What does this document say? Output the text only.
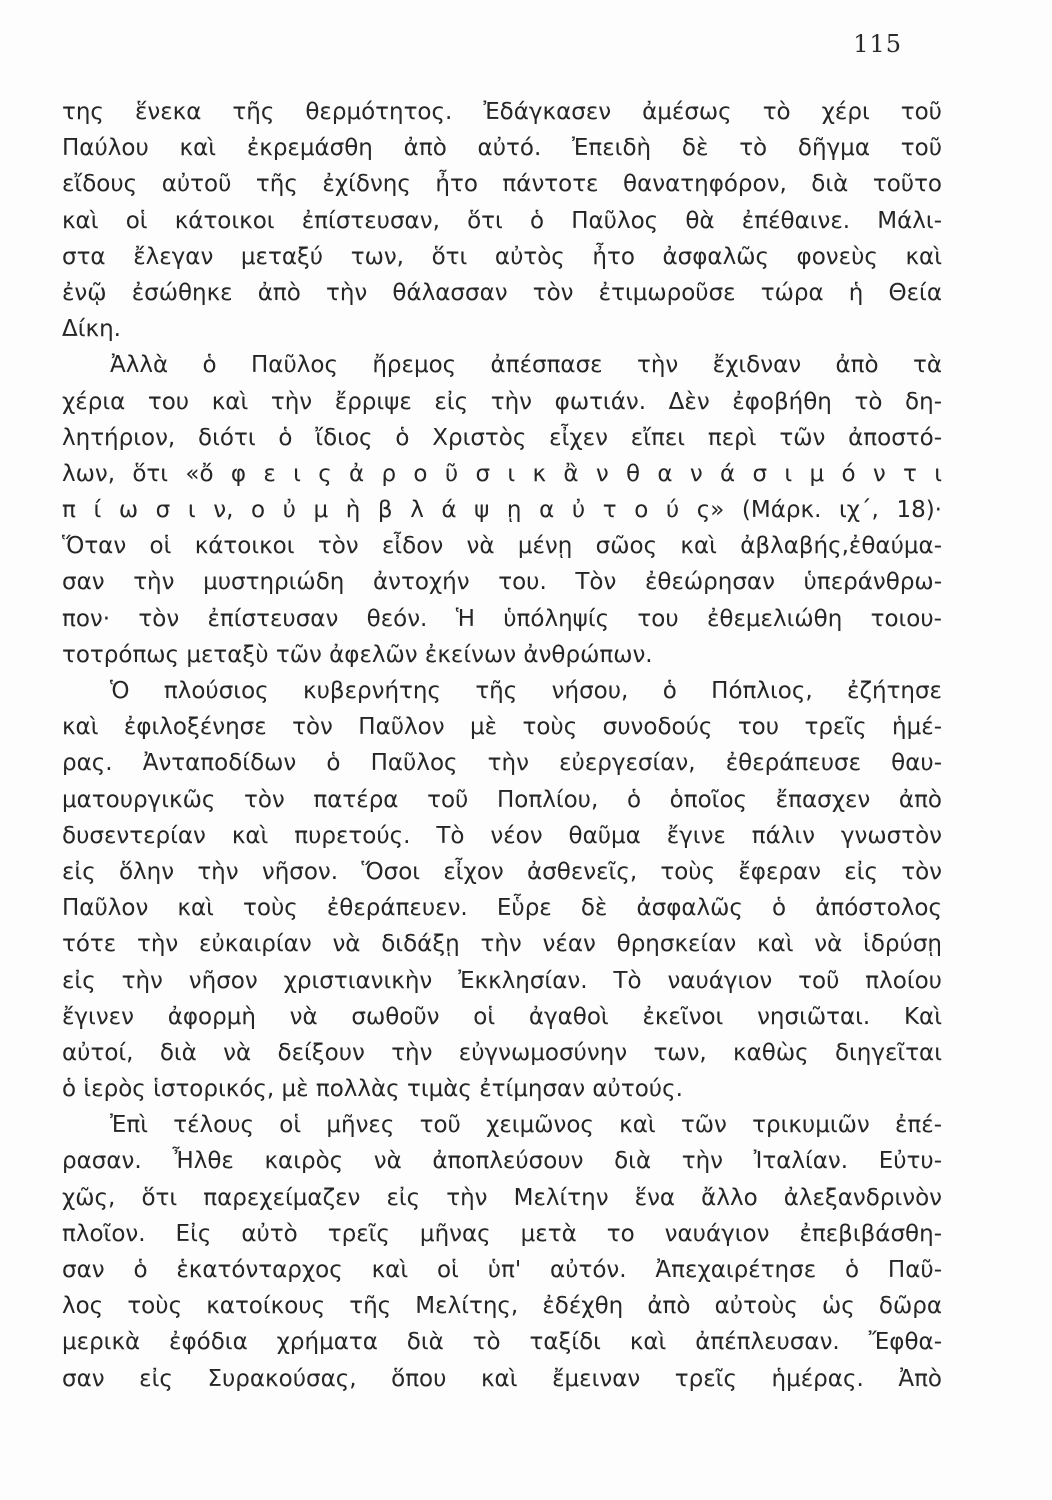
115
της ἕνεκα τῆς θερμότητος. Ἐδάγκασεν ἀμέσως τὸ χέρι τοῦ
Παύλου καὶ ἐκρεμάσθη ἀπὸ αὐτό. Ἐπειδὴ δὲ τὸ δῆγμα τοῦ
εἴδους αὐτοῦ τῆς ἐχίδνης ἦτο πάντοτε θανατηφόρον, διὰ τοῦτο
καὶ οἱ κάτοικοι ἐπίστευσαν, ὅτι ὁ Παῦλος θὰ ἐπέθαινε. Μάλι-
στα ἔλεγαν μεταξύ των, ὅτι αὐτὸς ἦτο ἀσφαλῶς φονεὺς καὶ
ἐνῷ ἐσώθηκε ἀπὸ τὴν θάλασσαν τὸν ἐτιμωροῦσε τώρα ἡ Θεία
Δίκη.
Ἀλλὰ ὁ Παῦλος ἤρεμος ἀπέσπασε τὴν ἔχιδναν ἀπὸ τὰ
χέρια του καὶ τὴν ἔρριψε εἰς τὴν φωτιάν. Δὲν ἐφοβήθη τὸ δη-
λητήριον, διότι ὁ ἴδιος ὁ Χριστὸς εἶχεν εἴπει περὶ τῶν ἀποστό-
λων, ὅτι «ὄ φ ε ι ς ἀ ρ ο ῦ σ ι κ ἂ ν θ α ν ά σ ι μ ό ν τ ι
π ί ω σ ι ν, ο ὐ μ ὴ β λ ά ψ ῃ α ὐ τ ο ύ ς» (Μάρκ. ιχ΄, 18)·
Ὅταν οἱ κάτοικοι τὸν εἶδον νὰ μένῃ σῶος καὶ ἀβλαβής,ἐθαύμα-
σαν τὴν μυστηριώδη ἀντοχήν του. Τὸν ἐθεώρησαν ὑπεράνθρω-
πον· τὸν ἐπίστευσαν θεόν. Ἡ ὑπόληψίς του ἐθεμελιώθη τοιου-
τοτρόπως μεταξὺ τῶν ἀφελῶν ἐκείνων ἀνθρώπων.
Ὁ πλούσιος κυβερνήτης τῆς νήσου, ὁ Πόπλιος, ἐζήτησε
καὶ ἐφιλοξένησε τὸν Παῦλον μὲ τοὺς συνοδούς του τρεῖς ἡμέ-
ρας. Ἀνταποδίδων ὁ Παῦλος τὴν εὐεργεσίαν, ἐθεράπευσε θαυ-
ματουργικῶς τὸν πατέρα τοῦ Ποπλίου, ὁ ὁποῖος ἔπασχεν ἀπὸ
δυσεντερίαν καὶ πυρετούς. Τὸ νέον θαῦμα ἔγινε πάλιν γνωστὸν
εἰς ὅλην τὴν νῆσον. Ὅσοι εἶχον ἀσθενεῖς, τοὺς ἔφεραν εἰς τὸν
Παῦλον καὶ τοὺς ἐθεράπευεν. Εὗρε δὲ ἀσφαλῶς ὁ ἀπόστολος
τότε τὴν εὐκαιρίαν νὰ διδάξῃ τὴν νέαν θρησκείαν καὶ νὰ ἱδρύσῃ
εἰς τὴν νῆσον χριστιανικὴν Ἐκκλησίαν. Τὸ ναυάγιον τοῦ πλοίου
ἔγινεν ἀφορμὴ νὰ σωθοῦν οἱ ἀγαθοὶ ἐκεῖνοι νησιῶται. Καὶ
αὐτοί, διὰ νὰ δείξουν τὴν εὐγνωμοσύνην των, καθὼς διηγεῖται
ὁ ἱερὸς ἱστορικός, μὲ πολλὰς τιμὰς ἐτίμησαν αὐτούς.
Ἐπὶ τέλους οἱ μῆνες τοῦ χειμῶνος καὶ τῶν τρικυμιῶν ἐπέ-
ρασαν. Ἦλθε καιρὸς νὰ ἀποπλεύσουν διὰ τὴν Ἰταλίαν. Εὐτυ-
χῶς, ὅτι παρεχείμαζεν εἰς τὴν Μελίτην ἕνα ἄλλο ἀλεξανδρινὸν
πλοῖον. Εἰς αὐτὸ τρεῖς μῆνας μετὰ το ναυάγιον ἐπεβιβάσθη-
σαν ὁ ἑκατόνταρχος καὶ οἱ ὑπ' αὐτόν. Ἀπεχαιρέτησε ὁ Παῦ-
λος τοὺς κατοίκους τῆς Μελίτης, ἐδέχθη ἀπὸ αὐτοὺς ὡς δῶρα
μερικὰ ἐφόδια χρήματα διὰ τὸ ταξίδι καὶ ἀπέπλευσαν. Ἔφθα-
σαν εἰς Συρακούσας, ὅπου καὶ ἔμειναν τρεῖς ἡμέρας. Ἀπὸ
